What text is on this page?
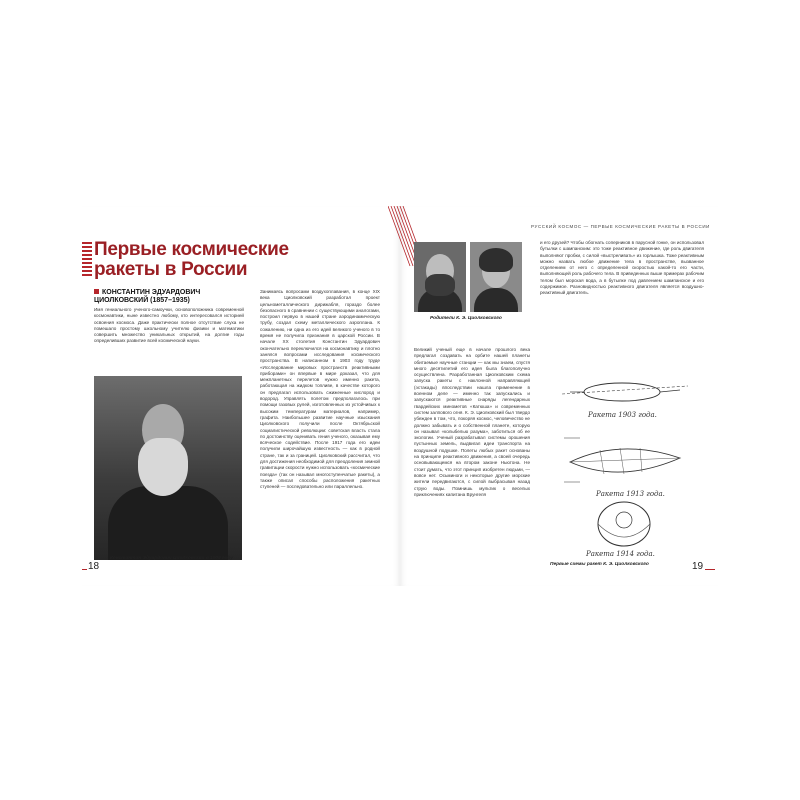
Первые космические ракеты в России

КОНСТАНТИН ЭДУАРДОВИЧ ЦИОЛКОВСКИЙ (1857–1935)

Имя гениального ученого-самоучки, основоположника современной космонавтики, ныне известно любому, кто интересовался историей освоения космоса. Даже практически полное отсутствие слуха не помешало простому школьному учителю физики и математики совершить множество уникальных открытий, на долгие годы определивших развитие всей космической науки.

Константин Эдуардович Циолковский в 1909 году

18

Занимаясь вопросами воздухоплавания, в конце XIX века Циолковский разработал проект цельнометаллического дирижабля, гораздо более безопасного в сравнении с существующими аналогами, построил первую в нашей стране аэродинамическую трубу, создал схему металлического аэроплана. К сожалению, ни одна из его идей великого ученого в то время не получила признания в царской России. В начале XX столетия Константин Эдуардович окончательно переключился на космонавтику и плотно занялся вопросами исследования космического пространства. В написанном в 1903 году труде «Исследование мировых пространств реактивными приборами» он впервые в мире доказал, что для межпланетных перелетов нужно именно ракета, работающая на жидком топливе, в качестве которого он предлагал использовать сжиженные кислород и водород. Управлять полетом предполагалось при помощи газовых рулей, изготовленных из устойчивых к высоким температурам материалов, например, графита. Наибольшее развитие научные изыскания Циолковского получили после Октябрьской социалистической революции: советская власть стала по достоинству оценивать гения ученого, оказывая ему всяческое содействие. После 1917 года его идеи получили широчайшую известность — как в родной стране, так и за границей. Циолковский рассчитал, что для достижения необходимой для преодоления земной гравитации скорости нужно использовать «космические поезда» (так он называл многоступенчатые ракеты), а также описал способы расположения ракетных ступеней — последовательно или параллельно.

РУССКИЙ КОСМОС — ПЕРВЫЕ КОСМИЧЕСКИЕ РАКЕТЫ В РОССИИ

Родители К. Э. Циолковского

Великий ученый еще в начале прошлого века предлагал создавать на орбите нашей планеты обитаемые научные станции — как мы знаем, спустя много десятилетий его идея была благополучно осуществлена. Разработанная Циолковским схема запуска ракеты с наклонной направляющей (эстакады) впоследствии нашла применение в военном деле — именно так запускались и запускаются реактивные снаряды легендарных гвардейских минометов «Катюша» и современных систем залпового огня. К. Э. Циолковский был твердо убежден в том, что, покоряя космос, человечество не должно забывать и о собственной планете, которую он называл «колыбелью разума», заботиться об ее экологии. Ученый разрабатывал системы орошения пустынных земель, выдвигал идеи транспорта на воздушной подушке. Полеты любых ракет основаны на принципе реактивного движения, а своей очередь основывающемся на втором законе Ньютона. Не стоит думать, что этот принцип изобретен людьми, — вовсе нет. Осьминоги и некоторые другие морские жители передвигаются, с силой выбрасывая назад струю воды. Помнишь мультик о веселых приключениях капитана Врунгеля

и его друзей? Чтобы обогнать соперников в парусной гонке, он использовал бутылки с шампанским: это тоже реактивное движение, где роль двигателя выполняют пробки, с силой «выстреливать» из горлышка. Тоже реактивным можно назвать любое движение тела в пространстве, вызванное отделением от него с определенной скоростью какой-то его части, выполняющей роль рабочего тела. В приведенных выше примерах рабочим телом был морская вода, а в бутылке под давлением шампанское и его содержимое. Разновидностью реактивного двигателя является воздушно-реактивный двигатель.

Ракета 1903 года.
Ракета 1913 года.
Ракета 1914 года.

Первые схемы ракет К. Э. Циолковского	19
